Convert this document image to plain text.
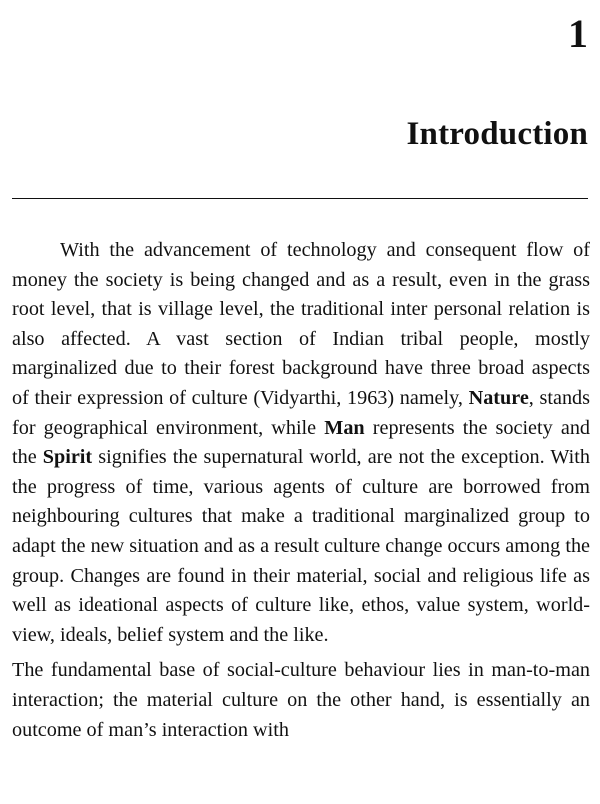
1
Introduction

With the advancement of technology and consequent flow of money the society is being changed and as a result, even in the grass root level, that is village level, the traditional inter personal relation is also affected. A vast section of Indian tribal people, mostly marginalized due to their forest background have three broad aspects of their expression of culture (Vidyarthi, 1963) namely, Nature, stands for geographical environment, while Man represents the society and the Spirit signifies the supernatural world, are not the exception. With the progress of time, various agents of culture are borrowed from neighbouring cultures that make a traditional marginalized group to adapt the new situation and as a result culture change occurs among the group. Changes are found in their material, social and religious life as well as ideational aspects of culture like, ethos, value system, world-view, ideals, belief system and the like.

The fundamental base of social-culture behaviour lies in man-to-man interaction; the material culture on the other hand, is essentially an outcome of man’s interaction with
